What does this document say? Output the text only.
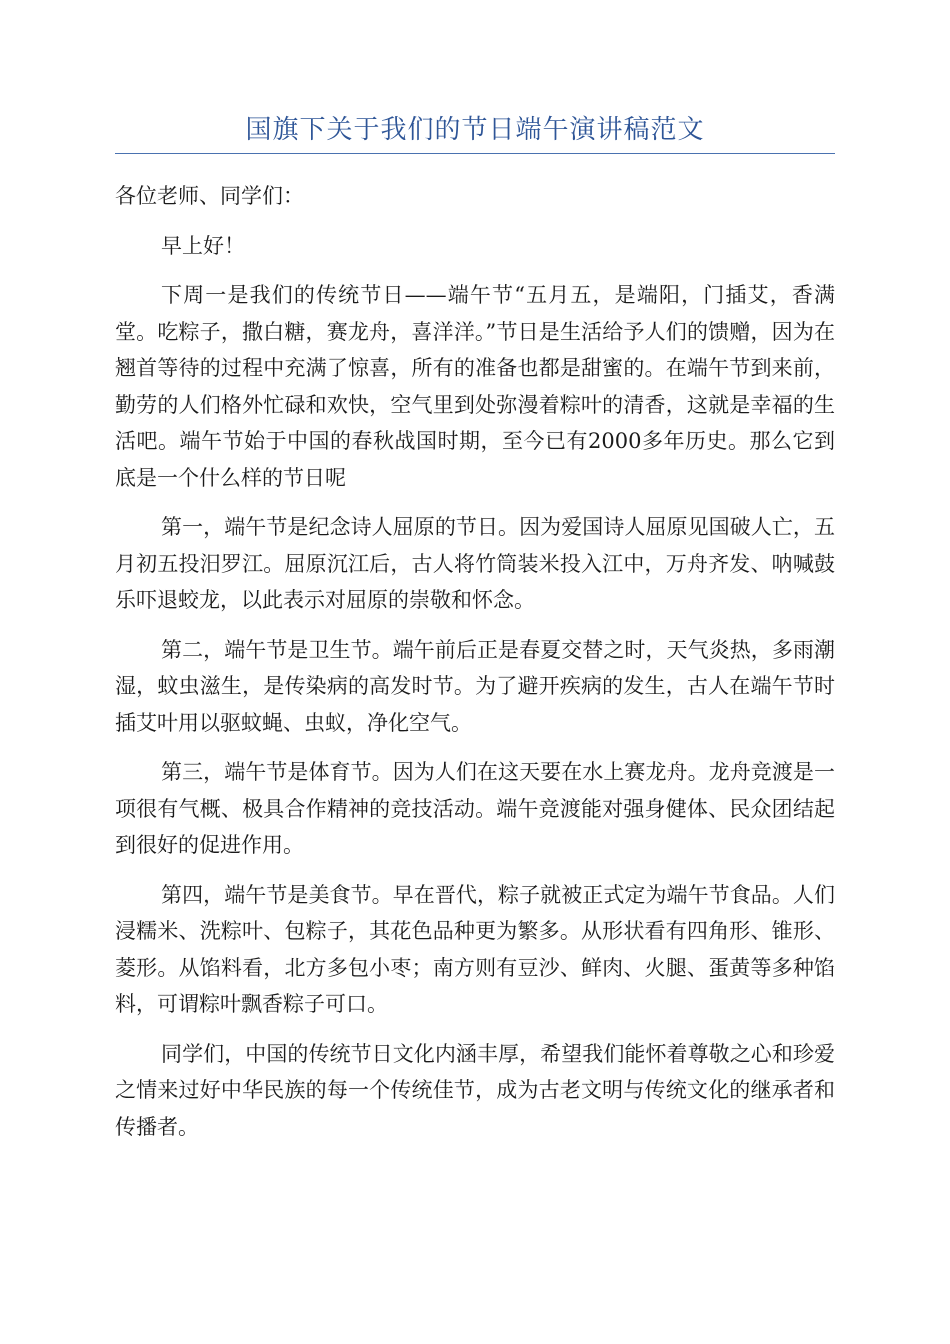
国旗下关于我们的节日端午演讲稿范文

各位老师、同学们：

早上好！

下周一是我们的传统节日——端午节“五月五，是端阳，门插艾，香满堂。吃粽子，撒白糖，赛龙舟，喜洋洋。”节日是生活给予人们的馈赠，因为在翘首等待的过程中充满了惊喜，所有的准备也都是甜蜜的。在端午节到来前，勤劳的人们格外忙碌和欢快，空气里到处弥漫着粽叶的清香，这就是幸福的生活吧。端午节始于中国的春秋战国时期，至今已有2000多年历史。那么它到底是一个什么样的节日呢

第一，端午节是纪念诗人屈原的节日。因为爱国诗人屈原见国破人亡，五月初五投汨罗江。屈原沉江后，古人将竹筒装米投入江中，万舟齐发、呐喊鼓乐吓退蛟龙，以此表示对屈原的崇敬和怀念。

第二，端午节是卫生节。端午前后正是春夏交替之时，天气炎热，多雨潮湿，蚊虫滋生，是传染病的高发时节。为了避开疾病的发生，古人在端午节时插艾叶用以驱蚊蝇、虫蚁，净化空气。

第三，端午节是体育节。因为人们在这天要在水上赛龙舟。龙舟竞渡是一项很有气概、极具合作精神的竞技活动。端午竞渡能对强身健体、民众团结起到很好的促进作用。

第四，端午节是美食节。早在晋代，粽子就被正式定为端午节食品。人们浸糯米、洗粽叶、包粽子，其花色品种更为繁多。从形状看有四角形、锥形、菱形。从馅料看，北方多包小枣；南方则有豆沙、鲜肉、火腿、蛋黄等多种馅料，可谓粽叶飘香粽子可口。

同学们，中国的传统节日文化内涵丰厚，希望我们能怀着尊敬之心和珍爱之情来过好中华民族的每一个传统佳节，成为古老文明与传统文化的继承者和传播者。
